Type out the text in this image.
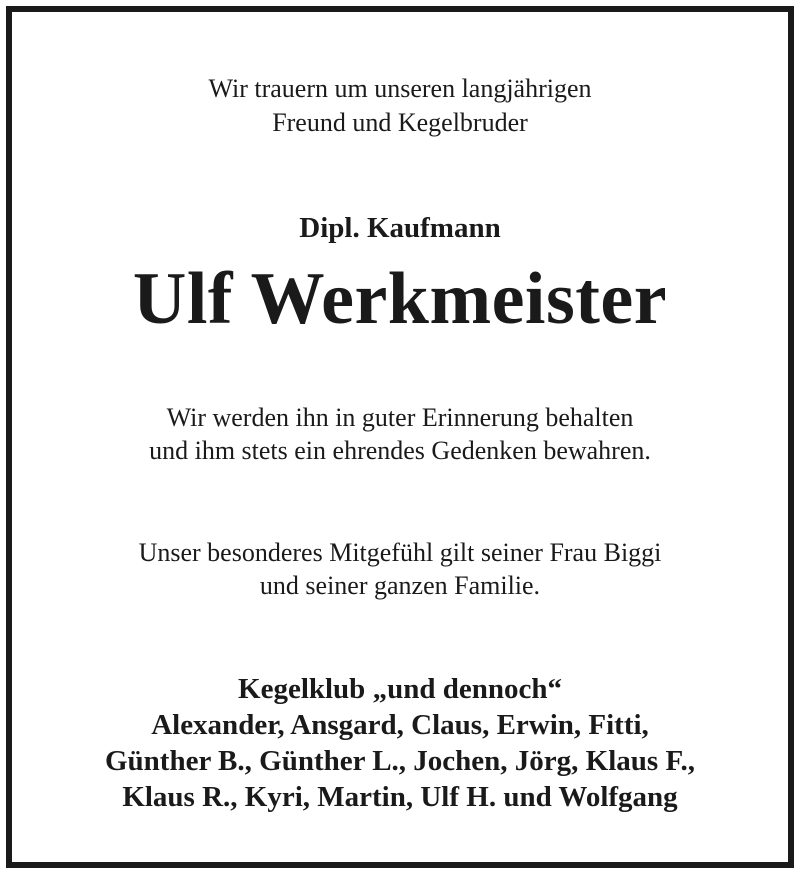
Wir trauern um unseren langjährigen
Freund und Kegelbruder
Dipl. Kaufmann
Ulf Werkmeister
Wir werden ihn in guter Erinnerung behalten
und ihm stets ein ehrendes Gedenken bewahren.
Unser besonderes Mitgefühl gilt seiner Frau Biggi
und seiner ganzen Familie.
Kegelklub „und dennoch“
Alexander, Ansgard, Claus, Erwin, Fitti,
Günther B., Günther L., Jochen, Jörg, Klaus F.,
Klaus R., Kyri, Martin, Ulf H. und Wolfgang
